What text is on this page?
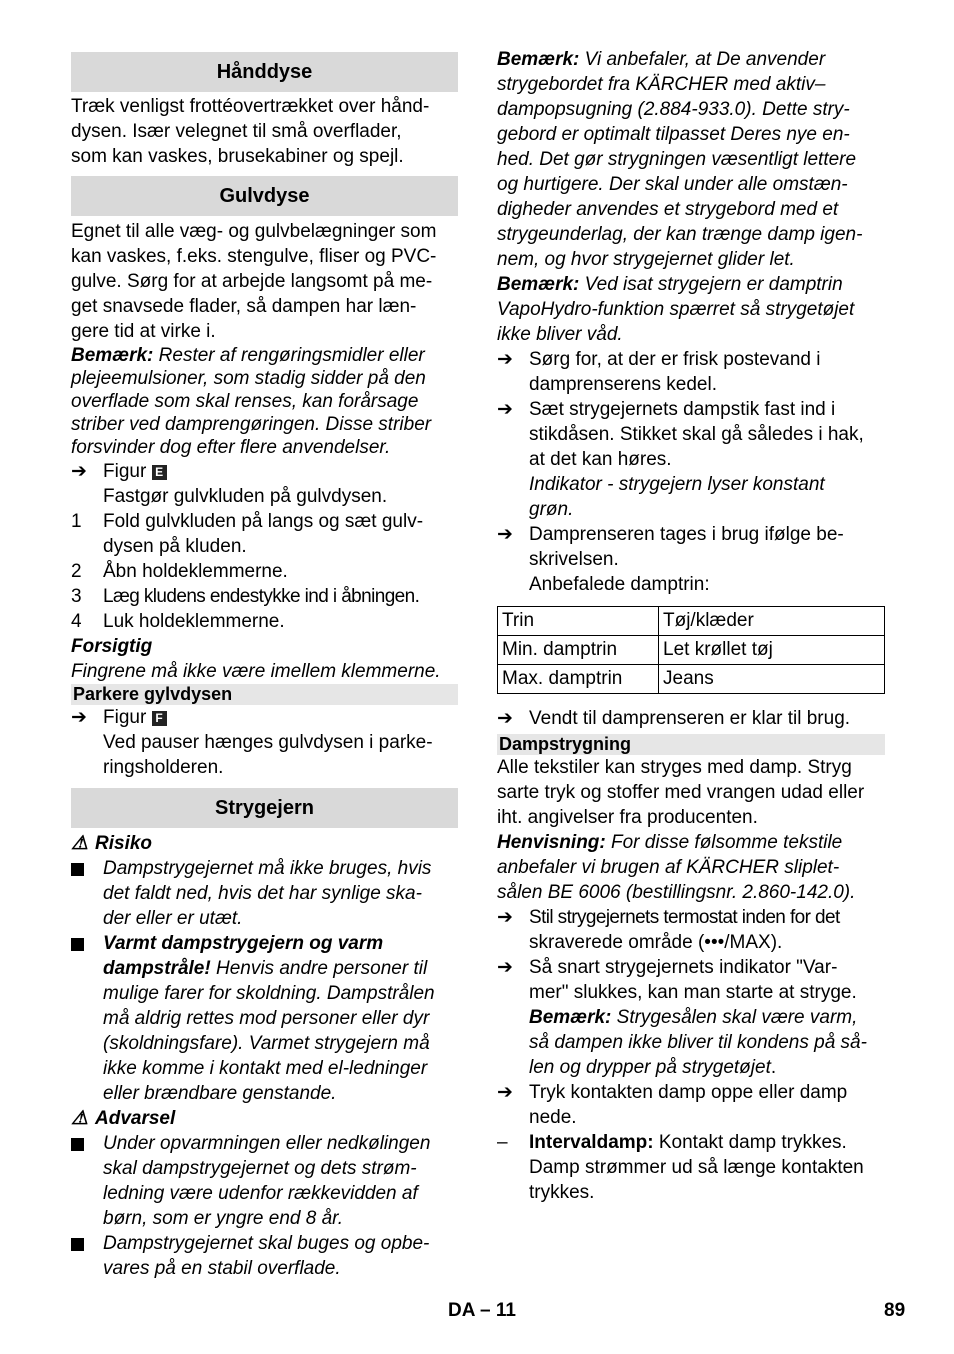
Hånddyse

Træk venligst frottéovertrækket over hånd-
dysen. Især velegnet til små overflader,
som kan vaskes, brusekabiner og spejl.

Gulvdyse

Egnet til alle væg- og gulvbelægninger som
kan vaskes, f.eks. stengulve, fliser og PVC-
gulve. Sørg for at arbejde langsomt på me-
get snavsede flader, så dampen har læn-
gere tid at virke i.

Bemærk: Rester af rengøringsmidler eller
plejeemulsioner, som stadig sidder på den
overflade som skal renses, kan forårsage
striber ved damprengøringen. Disse striber
forsvinder dog efter flere anvendelser.

➔ Figur E
Fastgør gulvkluden på gulvdysen.
1	Fold gulvkluden på langs og sæt gulv-
dysen på kluden.
2	Åbn holdeklemmerne.
3	Læg kludens endestykke ind i åbningen.
4	Luk holdeklemmerne.

Forsigtig

Fingrene må ikke være imellem klemmerne.

Parkere gylvdysen
➔ Figur F
Ved pauser hænges gulvdysen i parke-
ringsholderen.
Strygejern

⚠ Risiko

Dampstrygejernet må ikke bruges, hvis
det faldt ned, hvis det har synlige ska-
der eller er utæt.
Varmt dampstrygejern og varm
dampstråle! Henvis andre personer til
mulige farer for skoldning. Dampstrålen
må aldrig rettes mod personer eller dyr
(skoldningsfare). Varmet strygejern må
ikke komme i kontakt med el-ledninger
eller brændbare genstande.

⚠ Advarsel

Under opvarmningen eller nedkølingen
skal dampstrygejernet og dets strøm-
ledning være udenfor rækkevidden af
børn, som er yngre end 8 år.
Dampstrygejernet skal buges og opbe-
vares på en stabil overflade.

Bemærk: Vi anbefaler, at De anvender
strygebordet fra KÄRCHER med aktiv–
dampopsugning (2.884-933.0). Dette stry-
gebord er optimalt tilpasset Deres nye en-
hed. Det gør strygningen væsentligt lettere
og hurtigere. Der skal under alle omstæn-
digheder anvendes et strygebord med et
strygeunderlag, der kan trænge damp igen-
nem, og hvor strygejernet glider let.

Bemærk: Ved isat strygejern er damptrin
VapoHydro-funktion spærret så strygetøjet
ikke bliver våd.

➔ Sørg for, at der er frisk postevand i
damprenserens kedel.
➔ Sæt strygejernets dampstik fast ind i
stikdåsen. Stikket skal gå således i hak,
at det kan høres.
Indikator - strygejern lyser konstant
grøn.
➔ Damprenseren tages i brug ifølge be-
skrivelsen.
Anbefalede damptrin:
Trin	Tøj/klæder
Min. damptrin	Let krøllet tøj
Max. damptrin	Jeans
➔ Vendt til damprenseren er klar til brug.
Dampstrygning

Alle tekstiler kan stryges med damp. Stryg
sarte tryk og stoffer med vrangen udad eller
iht. angivelser fra producenten.

Henvisning: For disse følsomme tekstile
anbefaler vi brugen af KÄRCHER sliplet-
sålen BE 6006 (bestillingsnr. 2.860-142.0).

➔ Stil strygejernets termostat inden for det
skraverede område (•••/MAX).
➔ Så snart strygejernets indikator "Var-
mer" slukkes, kan man starte at stryge.
Bemærk: Strygesålen skal være varm,
så dampen ikke bliver til kondens på så-
len og drypper på strygetøjet.
➔ Tryk kontakten damp oppe eller damp
nede.
–	Intervaldamp: Kontakt damp trykkes.
Damp strømmer ud så længe kontakten
trykkes.
DA – 11	89
